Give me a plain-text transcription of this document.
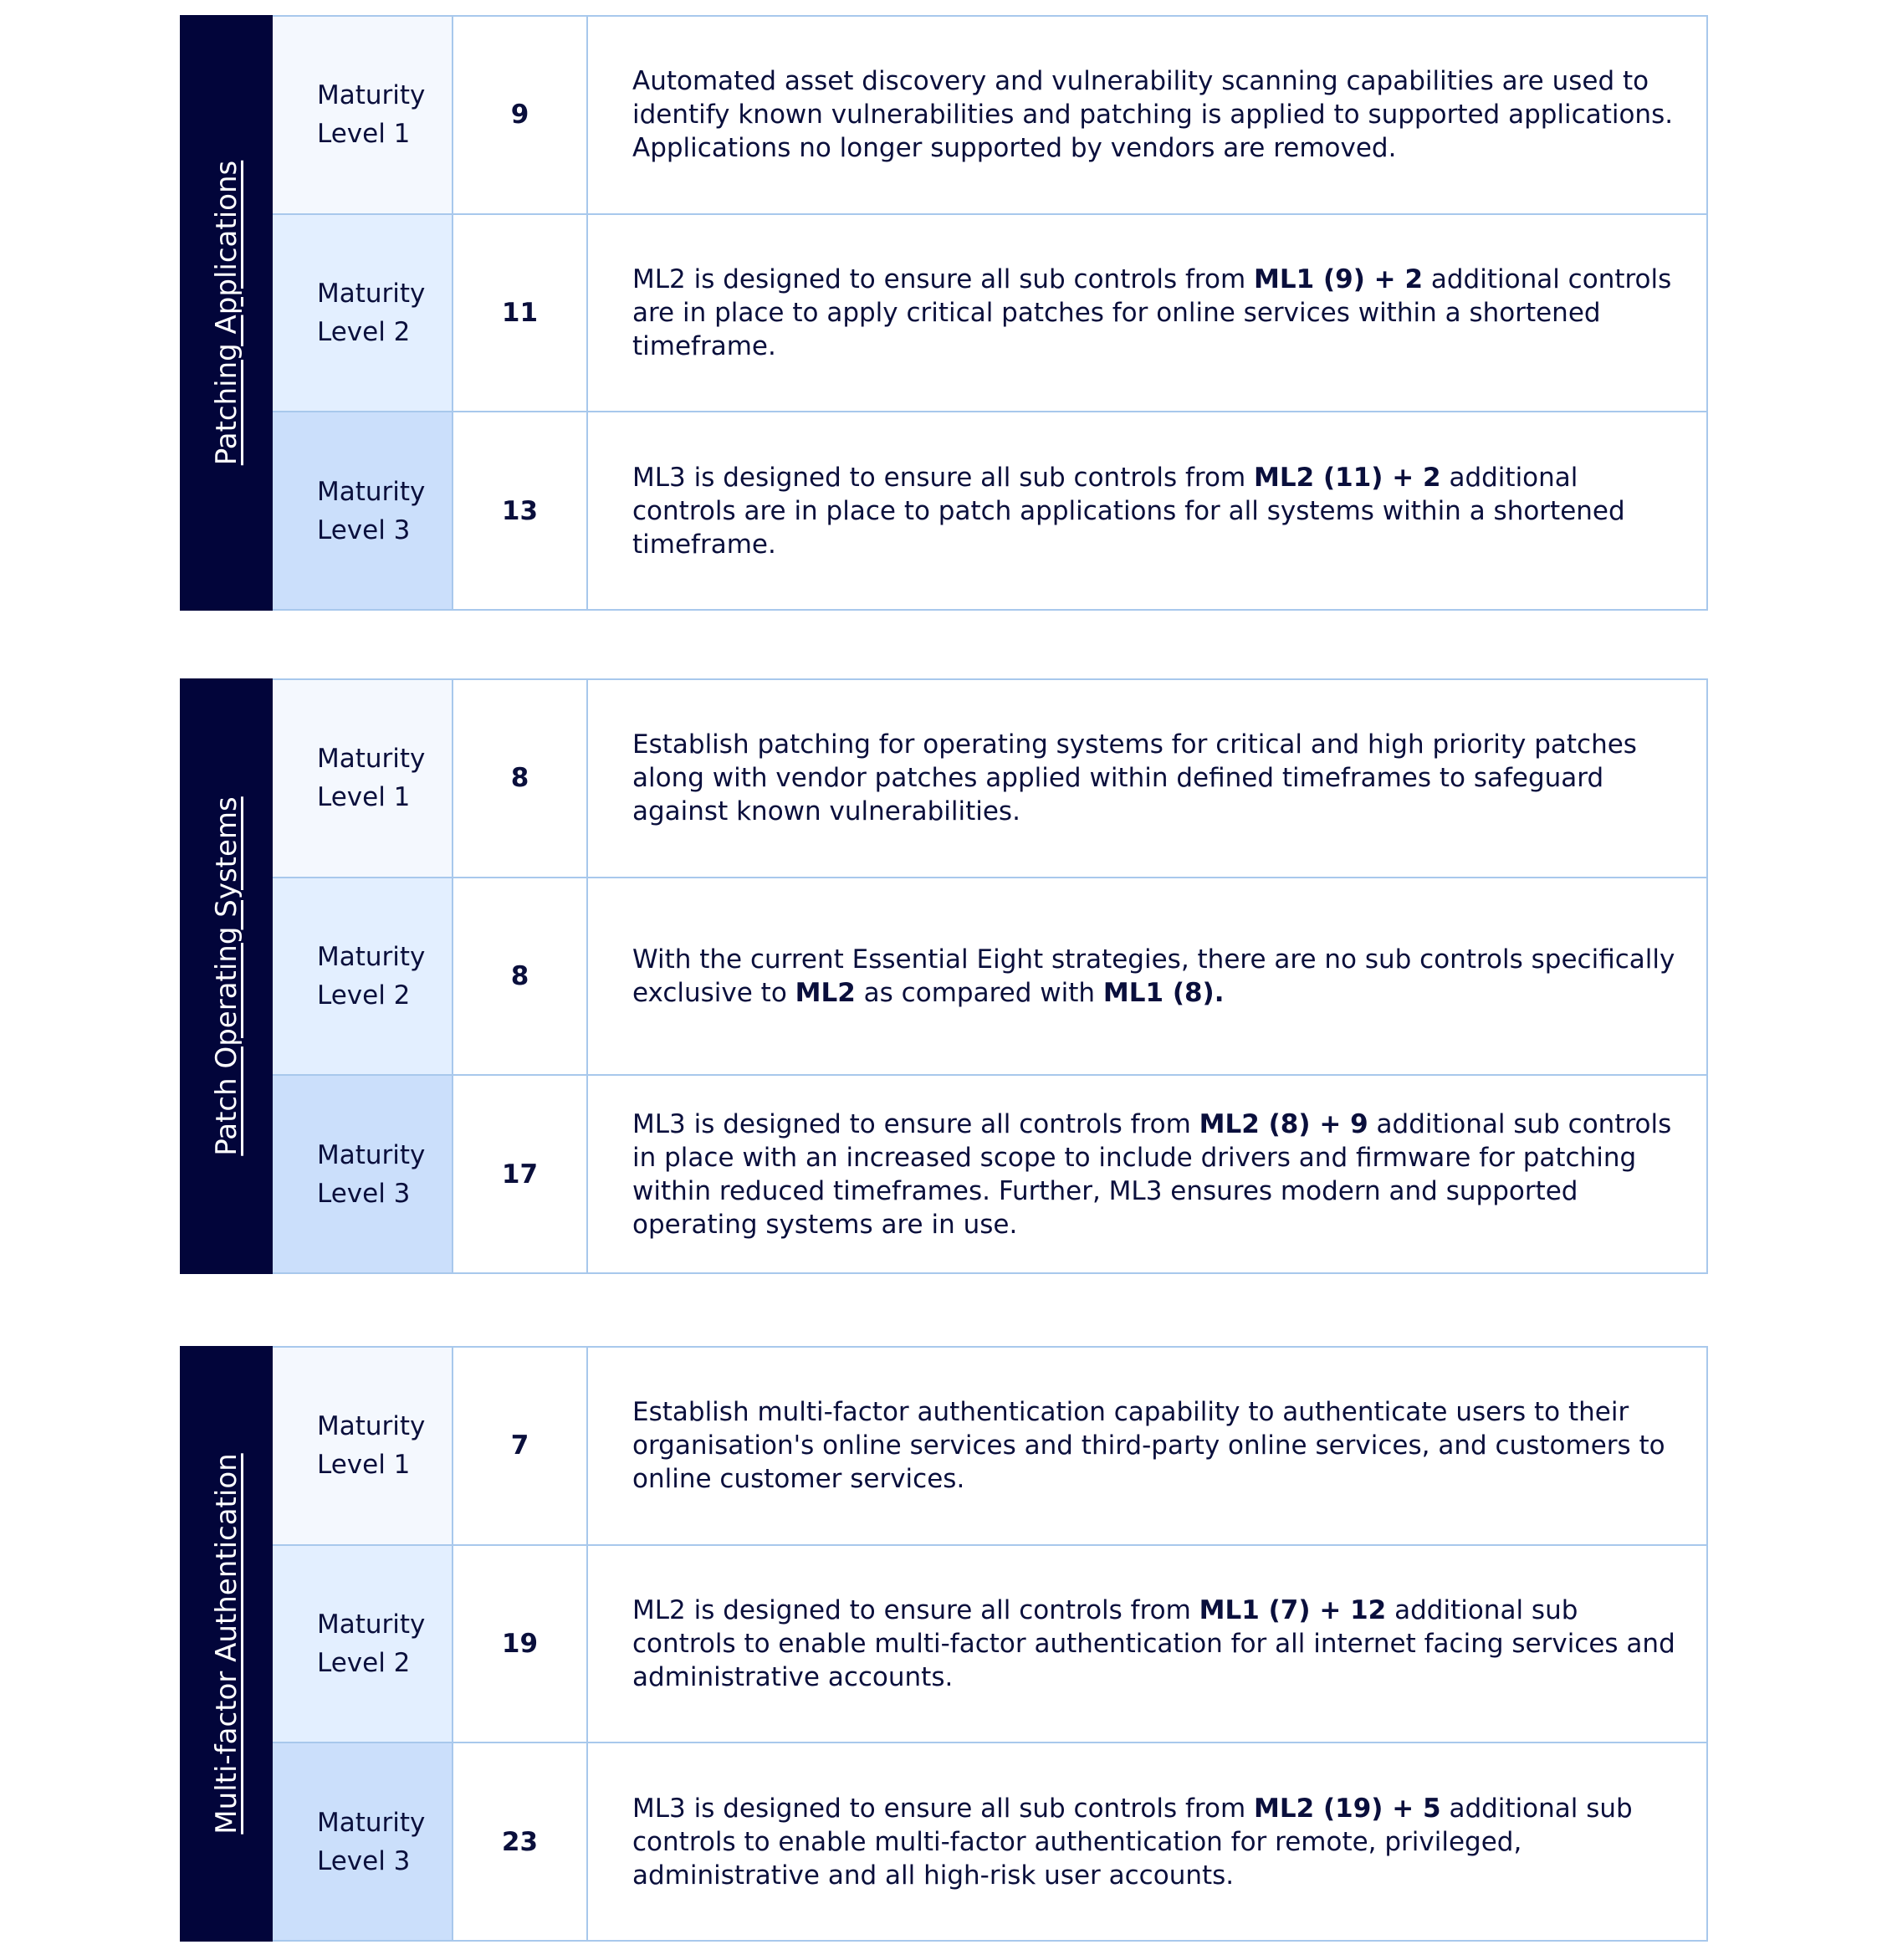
Patching Applications
Maturity
Level 1
9
Automated asset discovery and vulnerability scanning capabilities are used to identify known vulnerabilities and patching is applied to supported applications. Applications no longer supported by vendors are removed.
Maturity
Level 2
11
ML2 is designed to ensure all sub controls from ML1 (9) + 2 additional controls are in place to apply critical patches for online services within a shortened timeframe.
Maturity
Level 3
13
ML3 is designed to ensure all sub controls from ML2 (11) + 2 additional controls are in place to patch applications for all systems within a shortened timeframe.
Patch Operating Systems
Maturity
Level 1
8
Establish patching for operating systems for critical and high priority patches along with vendor patches applied within defined timeframes to safeguard against known vulnerabilities.
Maturity
Level 2
8
With the current Essential Eight strategies, there are no sub controls specifically exclusive to ML2 as compared with ML1 (8).
Maturity
Level 3
17
ML3 is designed to ensure all controls from ML2 (8) + 9 additional sub controls in place with an increased scope to include drivers and firmware for patching within reduced timeframes. Further, ML3 ensures modern and supported operating systems are in use.
Multi-factor Authentication
Maturity
Level 1
7
Establish multi-factor authentication capability to authenticate users to their organisation's online services and third-party online services, and customers to online customer services.
Maturity
Level 2
19
ML2 is designed to ensure all controls from ML1 (7) + 12 additional sub controls to enable multi-factor authentication for all internet facing services and administrative accounts.
Maturity
Level 3
23
ML3 is designed to ensure all sub controls from ML2 (19) + 5 additional sub controls to enable multi-factor authentication for remote, privileged, administrative and all high-risk user accounts.
